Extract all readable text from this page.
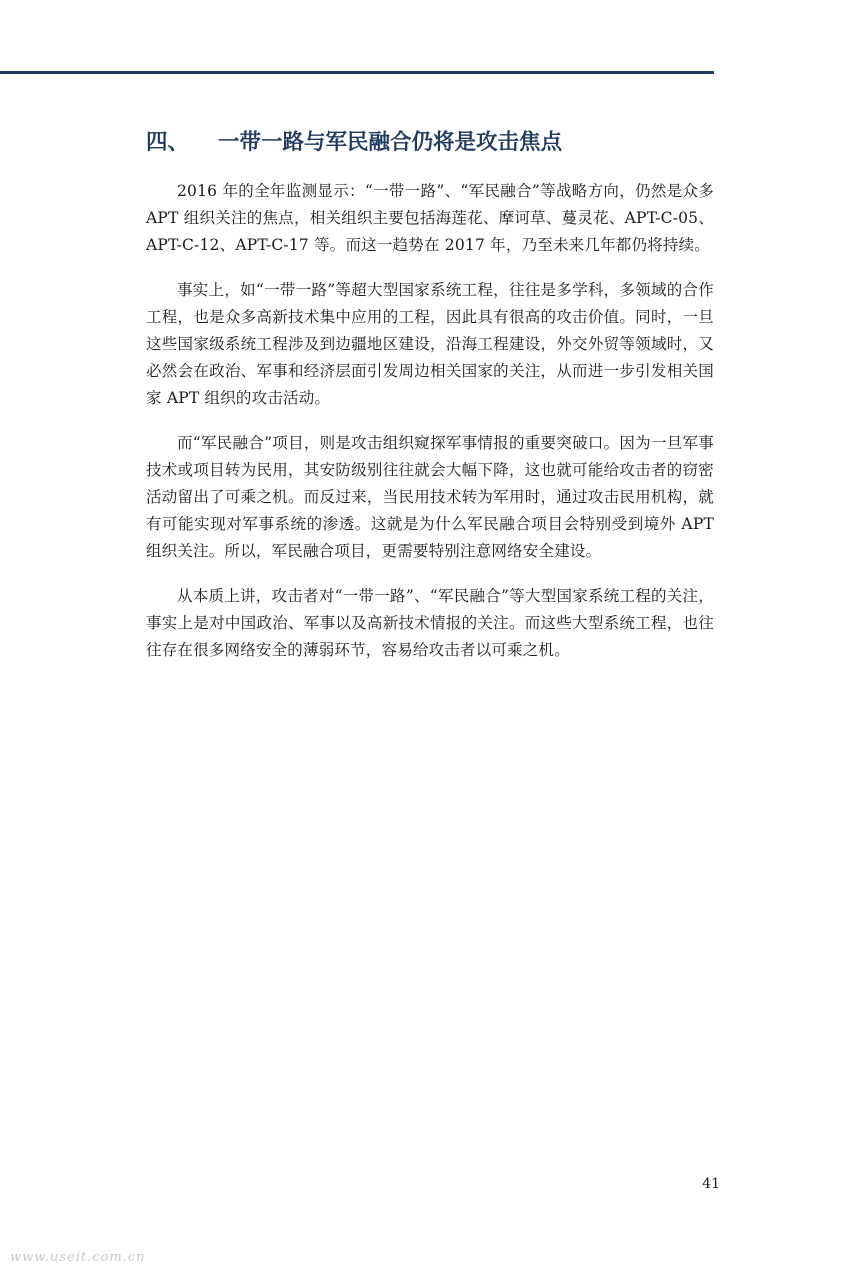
四、 一带一路与军民融合仍将是攻击焦点

2016 年的全年监测显示：“一带一路”、“军民融合”等战略方向，仍然是众多 APT 组织关注的焦点，相关组织主要包括海莲花、摩诃草、蔓灵花、APT-C-05、APT-C-12、APT-C-17 等。而这一趋势在 2017 年，乃至未来几年都仍将持续。

事实上，如“一带一路”等超大型国家系统工程，往往是多学科，多领域的合作工程，也是众多高新技术集中应用的工程，因此具有很高的攻击价值。同时，一旦这些国家级系统工程涉及到边疆地区建设，沿海工程建设，外交外贸等领域时，又必然会在政治、军事和经济层面引发周边相关国家的关注，从而进一步引发相关国家 APT 组织的攻击活动。

而“军民融合”项目，则是攻击组织窥探军事情报的重要突破口。因为一旦军事技术或项目转为民用，其安防级别往往就会大幅下降，这也就可能给攻击者的窃密活动留出了可乘之机。而反过来，当民用技术转为军用时，通过攻击民用机构，就有可能实现对军事系统的渗透。这就是为什么军民融合项目会特别受到境外 APT 组织关注。所以，军民融合项目，更需要特别注意网络安全建设。

从本质上讲，攻击者对“一带一路”、“军民融合”等大型国家系统工程的关注，事实上是对中国政治、军事以及高新技术情报的关注。而这些大型系统工程，也往往存在很多网络安全的薄弱环节，容易给攻击者以可乘之机。

41
www.useit.com.cn
